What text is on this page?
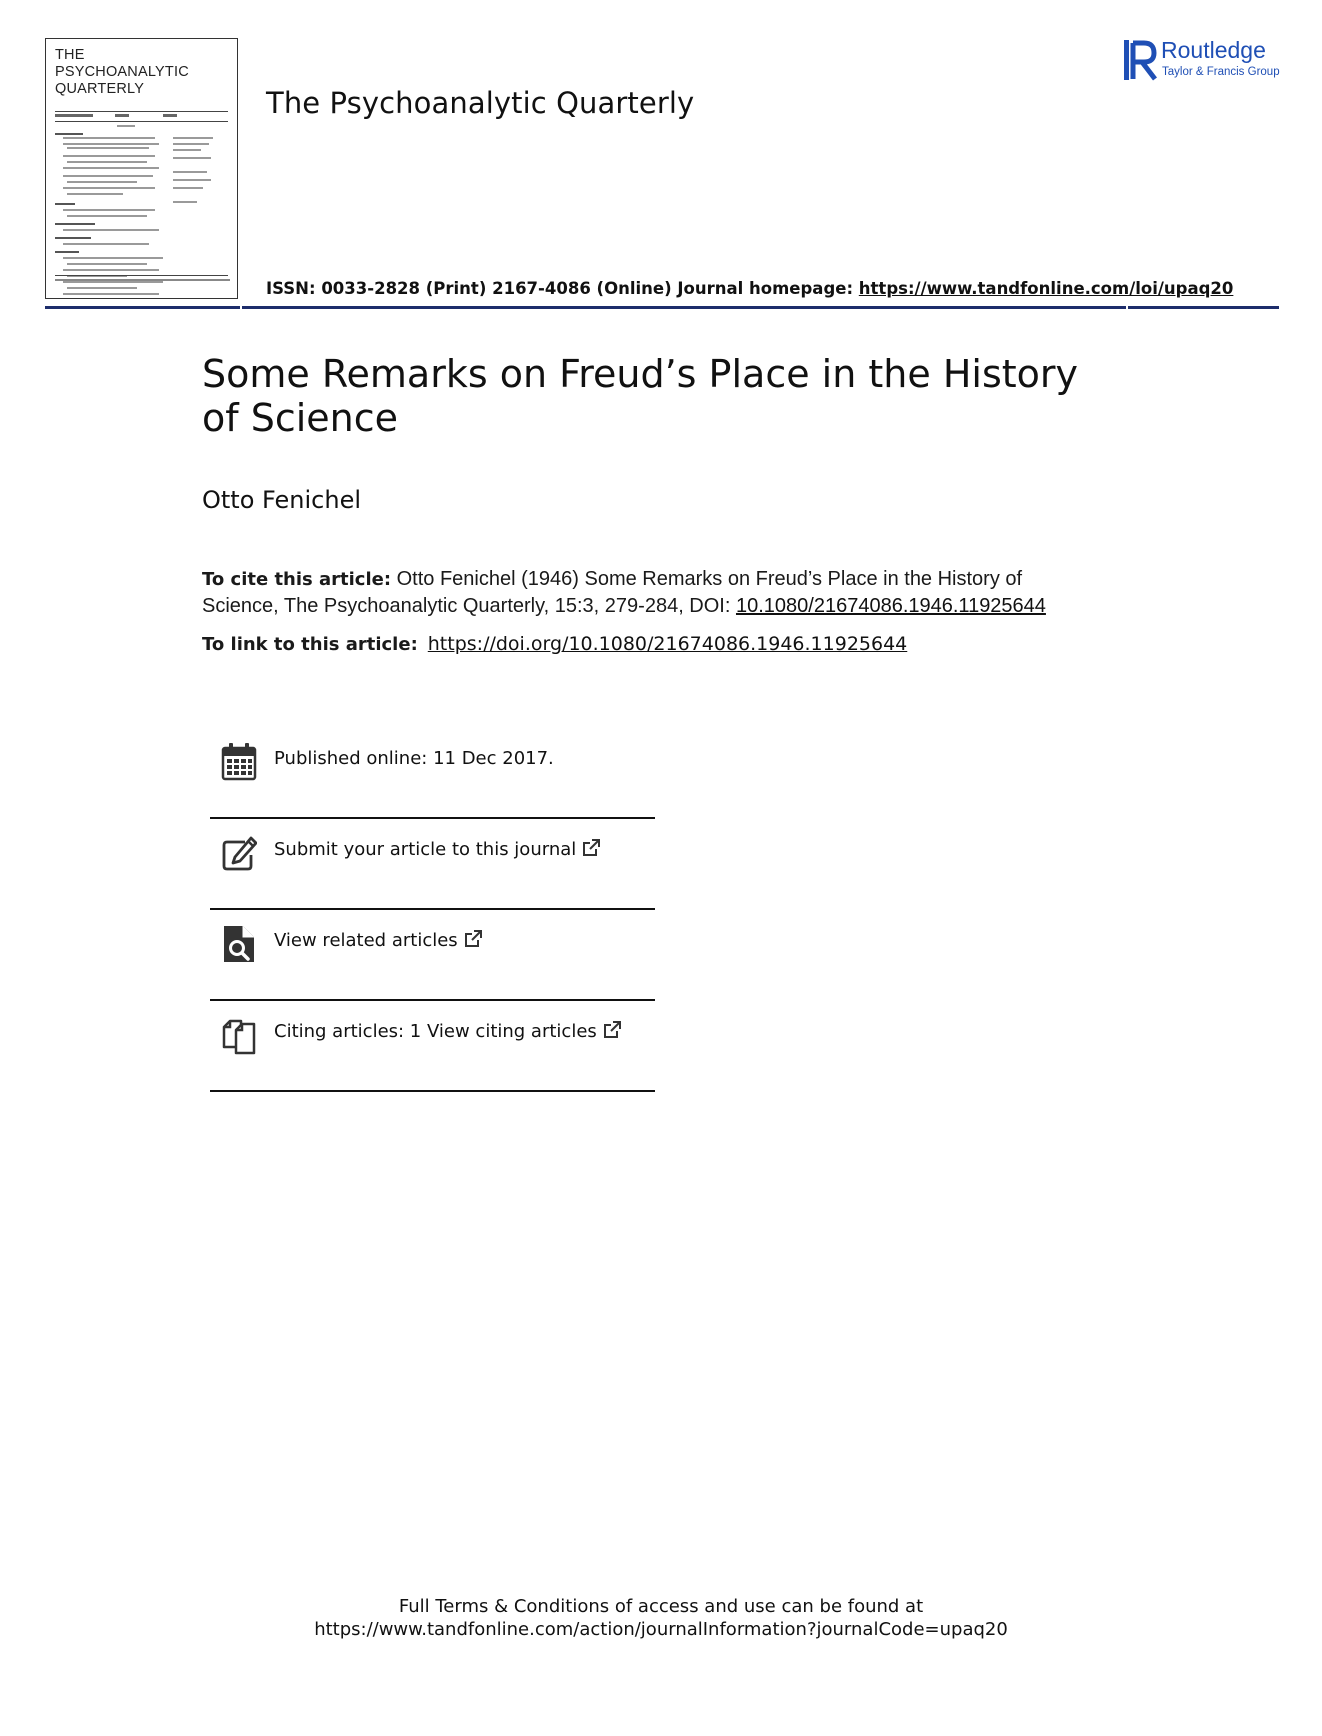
THE
PSYCHOANALYTIC
QUARTERLY	The Psychoanalytic Quarterly
Routledge
Taylor & Francis Group
ISSN: 0033-2828 (Print) 2167-4086 (Online) Journal homepage: https://www.tandfonline.com/loi/upaq20
Some Remarks on Freud’s Place in the History of Science
Otto Fenichel
To cite this article: Otto Fenichel (1946) Some Remarks on Freud’s Place in the History of Science, The Psychoanalytic Quarterly, 15:3, 279-284, DOI: 10.1080/21674086.1946.11925644
To link to this article: https://doi.org/10.1080/21674086.1946.11925644
Published online: 11 Dec 2017.
Submit your article to this journal
View related articles
Citing articles: 1 View citing articles
Full Terms & Conditions of access and use can be found at
https://www.tandfonline.com/action/journalInformation?journalCode=upaq20
